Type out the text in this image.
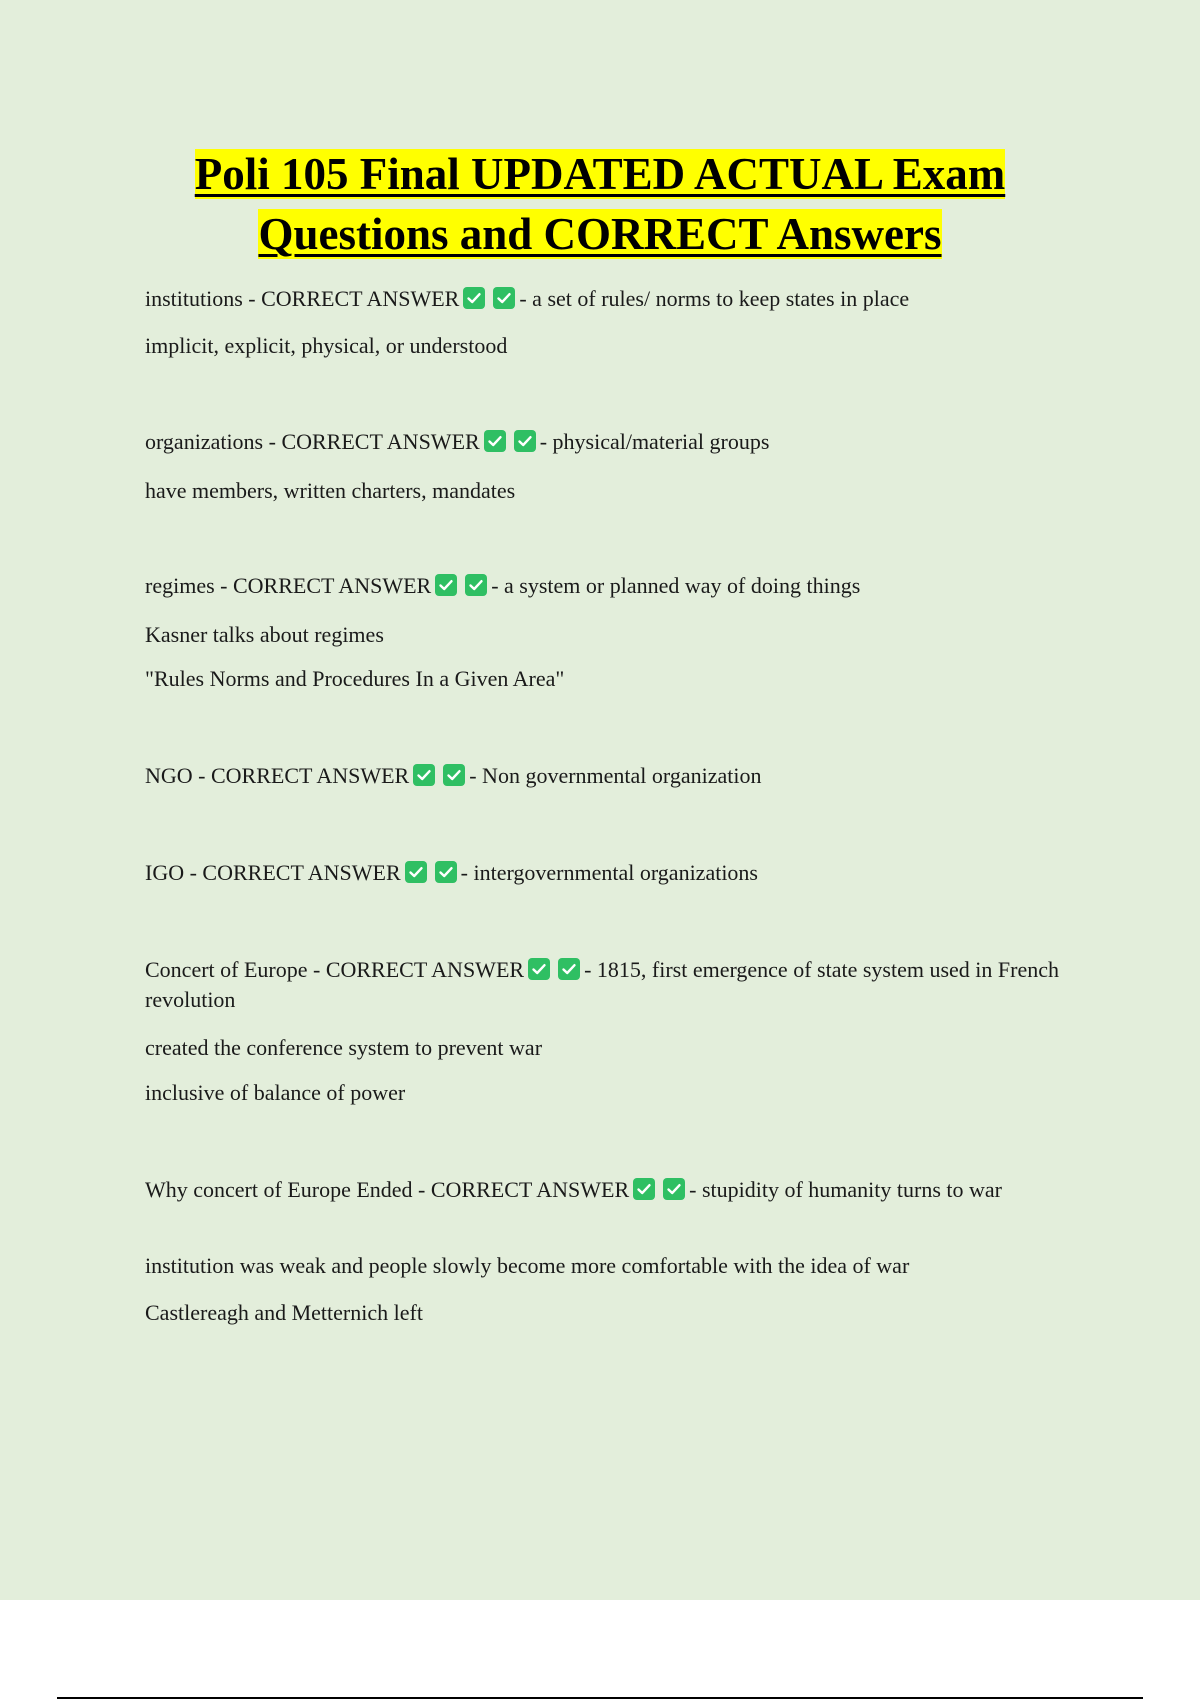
Poli 105 Final UPDATED ACTUAL Exam
Questions and CORRECT Answers

institutions - CORRECT ANSWER	- a set of rules/ norms to keep states in place

implicit, explicit, physical, or understood

organizations - CORRECT ANSWER	- physical/material groups

have members, written charters, mandates

regimes - CORRECT ANSWER	- a system or planned way of doing things

Kasner talks about regimes

"Rules Norms and Procedures In a Given Area"

NGO - CORRECT ANSWER	- Non governmental organization

IGO - CORRECT ANSWER	- intergovernmental organizations

Concert of Europe - CORRECT ANSWER	- 1815, first emergence of state system used in French revolution

created the conference system to prevent war

inclusive of balance of power

Why concert of Europe Ended - CORRECT ANSWER	- stupidity of humanity turns to war

institution was weak and people slowly become more comfortable with the idea of war

Castlereagh and Metternich left
